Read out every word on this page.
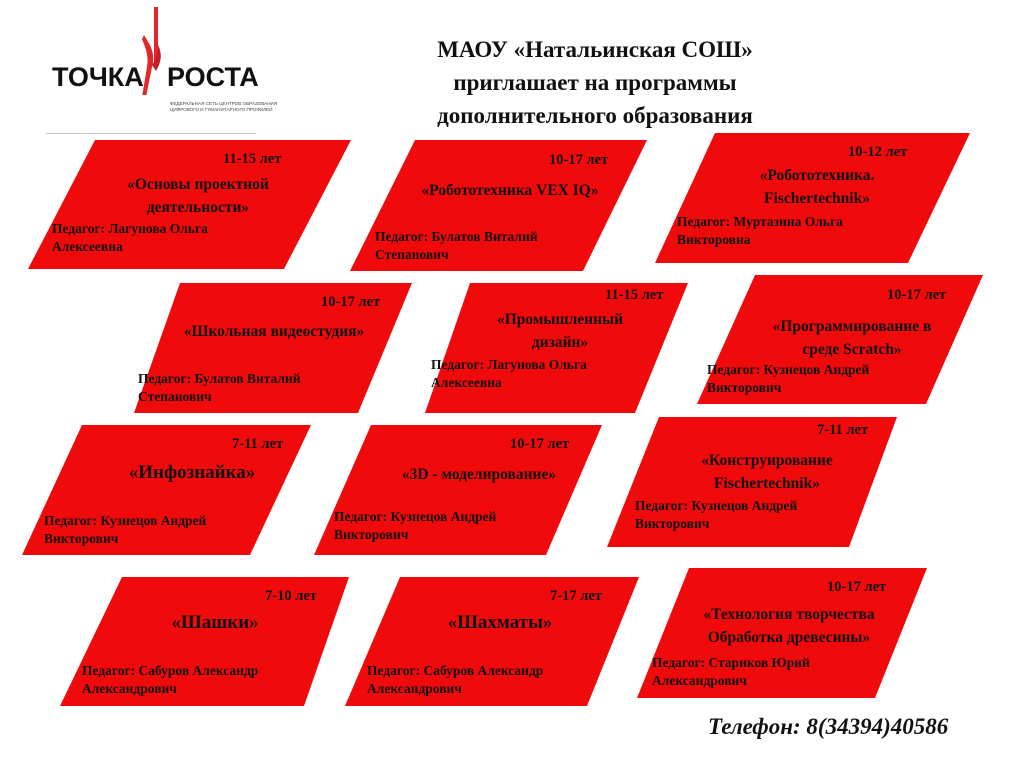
ТОЧКА РОСТА
ФЕДЕРАЛЬНАЯ СЕТЬ ЦЕНТРОВ ОБРАЗОВАНИЯ ЦИФРОВОГО И ГУМАНИТАРНОГО ПРОФИЛЕЙ
МАОУ «Натальинская СОШ»
приглашает на программы
дополнительного образования
11-15 лет
«Основы проектной
деятельности»
Педагог: Лагунова Ольга Алексеевна
10-17 лет
«Робототехника VEX IQ»
Педагог: Булатов Виталий Степанович
10-12 лет
«Робототехника.
Fischertechnik»
Педагог: Муртазина Ольга Викторовна
10-17 лет
«Школьная видеостудия»
Педагог: Булатов Виталий Степанович
11-15 лет
«Промышленный
дизайн»
Педагог: Лагунова Ольга Алексеевна
10-17 лет
«Программирование в
среде Scratch»
Педагог: Кузнецов Андрей Викторович
7-11 лет
«Инфознайка»
Педагог: Кузнецов Андрей Викторович
10-17 лет
«3D - моделирование»
Педагог: Кузнецов Андрей Викторович
7-11 лет
«Конструирование
Fischertechnik»
Педагог: Кузнецов Андрей Викторович
7-10 лет
«Шашки»
Педагог: Сабуров Александр Александрович
7-17 лет
«Шахматы»
Педагог: Сабуров Александр Александрович
10-17 лет
«Технология творчества
Обработка древесины»
Педагог: Стариков Юрий Александрович
Телефон: 8(34394)40586
